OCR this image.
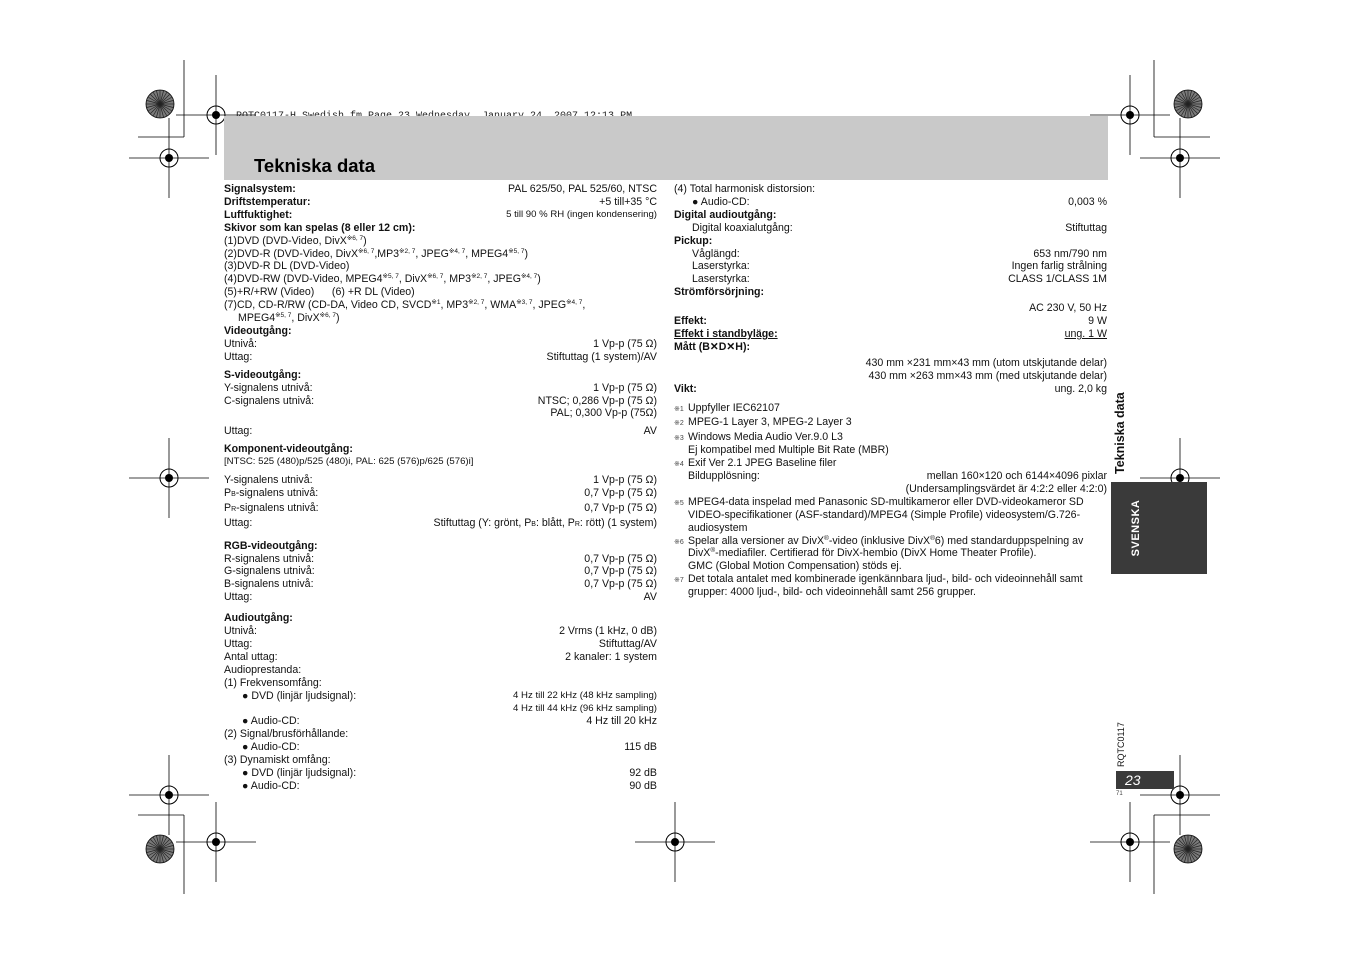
Tekniska data
Signalsystem:	PAL 625/50, PAL 525/60, NTSC
Driftstemperatur:	+5 till+35 °C
Luftfuktighet:	5 till 90 % RH (ingen kondensering)
Skivor som kan spelas (8 eller 12 cm):
(1)DVD (DVD-Video, DivX$^{※6, 7}$)
(2)DVD-R (DVD-Video, DivX$^{※6, 7}$,MP3$^{※2, 7}$, JPEG$^{※4, 7}$, MPEG4$^{※5, 7}$)
(3)DVD-R DL (DVD-Video)
(4)DVD-RW (DVD-Video, MPEG4$^{※5, 7}$, DivX$^{※6, 7}$, MP3$^{※2, 7}$, JPEG$^{※4, 7}$)
(5)+R/+RW (Video)      (6) +R DL (Video)
(7)CD, CD-R/RW (CD-DA, Video CD, SVCD$^{※1}$, MP3$^{※2, 7}$, WMA$^{※3, 7}$, JPEG$^{※4, 7}$,
MPEG4$^{※5, 7}$, DivX$^{※6, 7}$)
Videoutgång:
Utnivå:	1 Vp-p (75 Ω)
Uttag:	Stiftuttag (1 system)/AV
S-videoutgång:
Y-signalens utnivå:	1 Vp-p (75 Ω)
C-signalens utnivå:	NTSC; 0,286 Vp-p (75 Ω)
PAL; 0,300 Vp-p (75Ω)
Uttag:	AV
Komponent-videoutgång:
[NTSC: 525 (480)p/525 (480)i, PAL: 625 (576)p/625 (576)i]
Y-signalens utnivå:	1 Vp-p (75 Ω)
PB-signalens utnivå:	0,7 Vp-p (75 Ω)
PR-signalens utnivå:	0,7 Vp-p (75 Ω)
Uttag:	Stiftuttag (Y: grönt, PB: blått, PR: rött) (1 system)
RGB-videoutgång:
R-signalens utnivå:	0,7 Vp-p (75 Ω)
G-signalens utnivå:	0,7 Vp-p (75 Ω)
B-signalens utnivå:	0,7 Vp-p (75 Ω)
Uttag:	AV
Audioutgång:
Utnivå:	2 Vrms (1 kHz, 0 dB)
Uttag:	Stiftuttag/AV
Antal uttag:	2 kanaler: 1 system
Audioprestanda:
(1) Frekvensomfång:
● DVD (linjär ljudsignal):	4 Hz till 22 kHz (48 kHz sampling)
4 Hz till 44 kHz (96 kHz sampling)
● Audio-CD:	4 Hz till 20 kHz
(2) Signal/brusförhållande:
● Audio-CD:	115 dB
(3) Dynamiskt omfång:
● DVD (linjär ljudsignal):	92 dB
● Audio-CD:	90 dB
(4) Total harmonisk distorsion:
● Audio-CD:	0,003 %
Digital audioutgång:
Digital koaxialutgång:	Stiftuttag
Pickup:
Våglängd:	653 nm/790 nm
Laserstyrka:	Ingen farlig strålning
Laserstyrka:	CLASS 1/CLASS 1M
Strömförsörjning:
AC 230 V, 50 Hz
Effekt:	9 W
Effekt i standbyläge:	ung. 1 W
Mått (B✕D✕H):
430 mm ×231 mm×43 mm (utom utskjutande delar)
430 mm ×263 mm×43 mm (med utskjutande delar)
Vikt:	ung. 2,0 kg
※1 Uppfyller IEC62107
※2 MPEG-1 Layer 3, MPEG-2 Layer 3
※3 Windows Media Audio Ver.9.0 L3
Ej kompatibel med Multiple Bit Rate (MBR)
※4 Exif Ver 2.1 JPEG Baseline filer
Bildupplösning:	mellan 160×120 och 6144×4096 pixlar
(Undersamplingsvärdet är 4:2:2 eller 4:2:0)
※5 MPEG4-data inspelad med Panasonic SD-multikameror eller DVD-videokameror SD
VIDEO-specifikationer (ASF-standard)/MPEG4 (Simple Profile) videosystem/G.726-
audiosystem
※6 Spelar alla versioner av DivX®-video (inklusive DivX®6) med standarduppspelning av
DivX®-mediafiler. Certifierad för DivX-hembio (DivX Home Theater Profile).
GMC (Global Motion Compensation) stöds ej.
※7 Det totala antalet med kombinerade igenkännbara ljud-, bild- och videoinnehåll samt
grupper: 4000 ljud-, bild- och videoinnehåll samt 256 grupper.
Tekniska data
SVENSKA
RQTC0117
23
71
